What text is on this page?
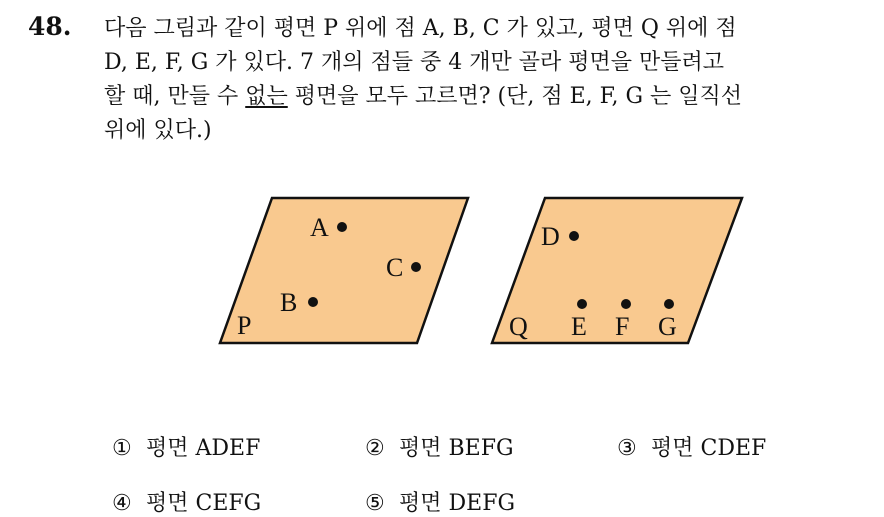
48. 다음 그림과 같이 평면 P 위에 점 A, B, C 가 있고, 평면 Q 위에 점

D, E, F, G 가 있다. 7 개의 점들 중 4 개만 골라 평면을 만들려고

할 때, 만들 수 없는 평면을 모두 고르면? (단, 점 E, F, G 는 일직선

위에 있다.)

A
C
B
P
D
Q E F G
① 평면 ADEF	② 평면 BEFG	③ 평면 CDEF
④ 평면 CEFG	⑤ 평면 DEFG
